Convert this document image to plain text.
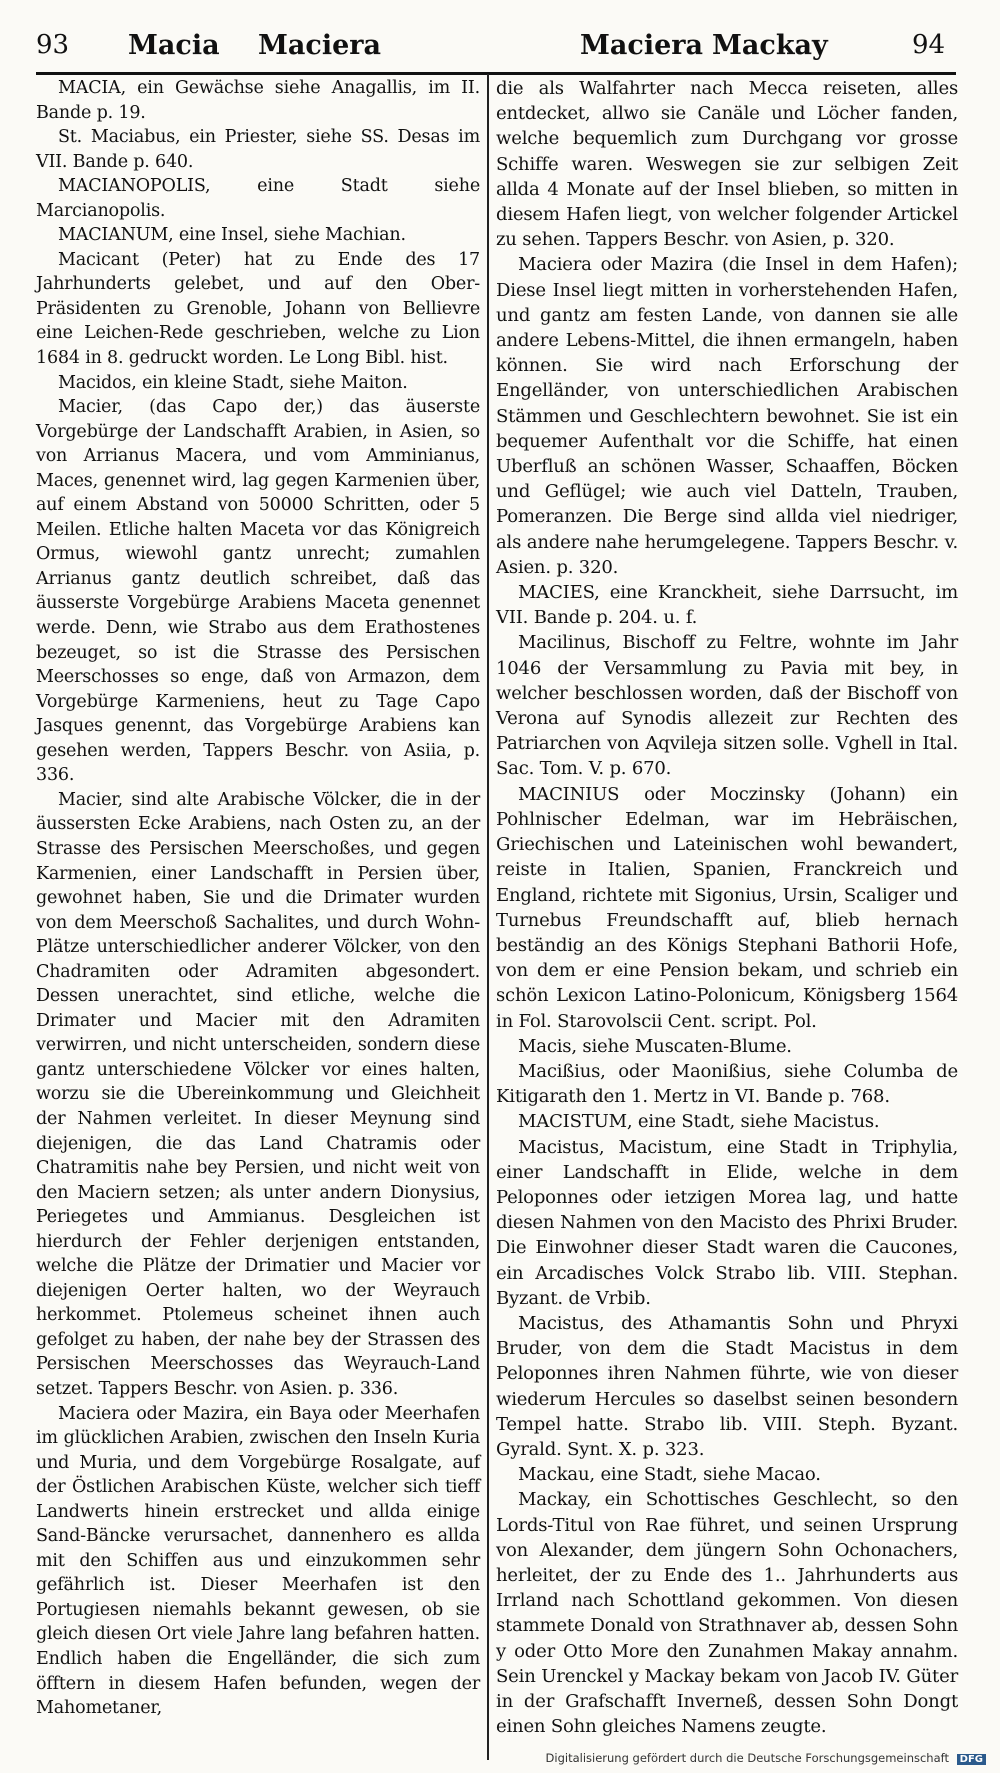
93 Macia Maciera	Maciera Mackay	94

MACIA, ein Gewächse siehe Anagallis, im II. Bande p. 19.

St. Maciabus, ein Priester, siehe SS. Desas im VII. Bande p. 640.

MACIANOPOLIS, eine Stadt siehe Marcianopolis.

MACIANUM, eine Insel, siehe Machian.

Macicant (Peter) hat zu Ende des 17 Jahrhunderts gelebet, und auf den Ober-Präsidenten zu Grenoble, Johann von Bellievre eine Leichen-Rede geschrieben, welche zu Lion 1684 in 8. gedruckt worden. Le Long Bibl. hist.

Macidos, ein kleine Stadt, siehe Maiton.

Macier, (das Capo der,) das äuserste Vorgebürge der Landschafft Arabien, in Asien, so von Arrianus Macera, und vom Amminianus, Maces, genennet wird, lag gegen Karmenien über, auf einem Abstand von 50000 Schritten, oder 5 Meilen. Etliche halten Maceta vor das Königreich Ormus, wiewohl gantz unrecht; zumahlen Arrianus gantz deutlich schreibet, daß das äusserste Vorgebürge Arabiens Maceta genennet werde. Denn, wie Strabo aus dem Erathostenes bezeuget, so ist die Strasse des Persischen Meerschosses so enge, daß von Armazon, dem Vorgebürge Karmeniens, heut zu Tage Capo Jasques genennt, das Vorgebürge Arabiens kan gesehen werden, Tappers Beschr. von Asiia, p. 336.

Macier, sind alte Arabische Völcker, die in der äussersten Ecke Arabiens, nach Osten zu, an der Strasse des Persischen Meerschoßes, und gegen Karmenien, einer Landschafft in Persien über, gewohnet haben, Sie und die Drimater wurden von dem Meerschoß Sachalites, und durch Wohn-Plätze unterschiedlicher anderer Völcker, von den Chadramiten oder Adramiten abgesondert. Dessen unerachtet, sind etliche, welche die Drimater und Macier mit den Adramiten verwirren, und nicht unterscheiden, sondern diese gantz unterschiedene Völcker vor eines halten, worzu sie die Ubereinkommung und Gleichheit der Nahmen verleitet. In dieser Meynung sind diejenigen, die das Land Chatramis oder Chatramitis nahe bey Persien, und nicht weit von den Maciern setzen; als unter andern Dionysius, Periegetes und Ammianus. Desgleichen ist hierdurch der Fehler derjenigen entstanden, welche die Plätze der Drimatier und Macier vor diejenigen Oerter halten, wo der Weyrauch herkommet. Ptolemeus scheinet ihnen auch gefolget zu haben, der nahe bey der Strassen des Persischen Meerschosses das Weyrauch-Land setzet. Tappers Beschr. von Asien. p. 336.

Maciera oder Mazira, ein Baya oder Meerhafen im glücklichen Arabien, zwischen den Inseln Kuria und Muria, und dem Vorgebürge Rosalgate, auf der Östlichen Arabischen Küste, welcher sich tieff Landwerts hinein erstrecket und allda einige Sand-Bäncke verursachet, dannenhero es allda mit den Schiffen aus und einzukommen sehr gefährlich ist. Dieser Meerhafen ist den Portugiesen niemahls bekannt gewesen, ob sie gleich diesen Ort viele Jahre lang befahren hatten. Endlich haben die Engelländer, die sich zum öfftern in diesem Hafen befunden, wegen der Mahometaner,

die als Walfahrter nach Mecca reiseten, alles entdecket, allwo sie Canäle und Löcher fanden, welche bequemlich zum Durchgang vor grosse Schiffe waren. Weswegen sie zur selbigen Zeit allda 4 Monate auf der Insel blieben, so mitten in diesem Hafen liegt, von welcher folgender Artickel zu sehen. Tappers Beschr. von Asien, p. 320.

Maciera oder Mazira (die Insel in dem Hafen); Diese Insel liegt mitten in vorherstehenden Hafen, und gantz am festen Lande, von dannen sie alle andere Lebens-Mittel, die ihnen ermangeln, haben können. Sie wird nach Erforschung der Engelländer, von unterschiedlichen Arabischen Stämmen und Geschlechtern bewohnet. Sie ist ein bequemer Aufenthalt vor die Schiffe, hat einen Uberfluß an schönen Wasser, Schaaffen, Böcken und Geflügel; wie auch viel Datteln, Trauben, Pomeranzen. Die Berge sind allda viel niedriger, als andere nahe herumgelegene. Tappers Beschr. v. Asien. p. 320.

MACIES, eine Kranckheit, siehe Darrsucht, im VII. Bande p. 204. u. f.

Macilinus, Bischoff zu Feltre, wohnte im Jahr 1046 der Versammlung zu Pavia mit bey, in welcher beschlossen worden, daß der Bischoff von Verona auf Synodis allezeit zur Rechten des Patriarchen von Aqvileja sitzen solle. Vghell in Ital. Sac. Tom. V. p. 670.

MACINIUS oder Moczinsky (Johann) ein Pohlnischer Edelman, war im Hebräischen, Griechischen und Lateinischen wohl bewandert, reiste in Italien, Spanien, Franckreich und England, richtete mit Sigonius, Ursin, Scaliger und Turnebus Freundschafft auf, blieb hernach beständig an des Königs Stephani Bathorii Hofe, von dem er eine Pension bekam, und schrieb ein schön Lexicon Latino-Polonicum, Königsberg 1564 in Fol. Starovolscii Cent. script. Pol.

Macis, siehe Muscaten-Blume.

Macißius, oder Maonißius, siehe Columba de Kitigarath den 1. Mertz in VI. Bande p. 768.

MACISTUM, eine Stadt, siehe Macistus.

Macistus, Macistum, eine Stadt in Triphylia, einer Landschafft in Elide, welche in dem Peloponnes oder ietzigen Morea lag, und hatte diesen Nahmen von den Macisto des Phrixi Bruder. Die Einwohner dieser Stadt waren die Caucones, ein Arcadisches Volck Strabo lib. VIII. Stephan. Byzant. de Vrbib.

Macistus, des Athamantis Sohn und Phryxi Bruder, von dem die Stadt Macistus in dem Peloponnes ihren Nahmen führte, wie von dieser wiederum Hercules so daselbst seinen besondern Tempel hatte. Strabo lib. VIII. Steph. Byzant. Gyrald. Synt. X. p. 323.

Mackau, eine Stadt, siehe Macao.

Mackay, ein Schottisches Geschlecht, so den Lords-Titul von Rae führet, und seinen Ursprung von Alexander, dem jüngern Sohn Ochonachers, herleitet, der zu Ende des 1.. Jahrhunderts aus Irrland nach Schottland gekommen. Von diesen stammete Donald von Strathnaver ab, dessen Sohn y oder Otto More den Zunahmen Makay annahm. Sein Urenckel y Mackay bekam von Jacob IV. Güter in der Grafschafft Inverneß, dessen Sohn Dongt einen Sohn gleiches Namens zeugte.

Digitalisierung gefördert durch die Deutsche Forschungsgemeinschaft DFG
